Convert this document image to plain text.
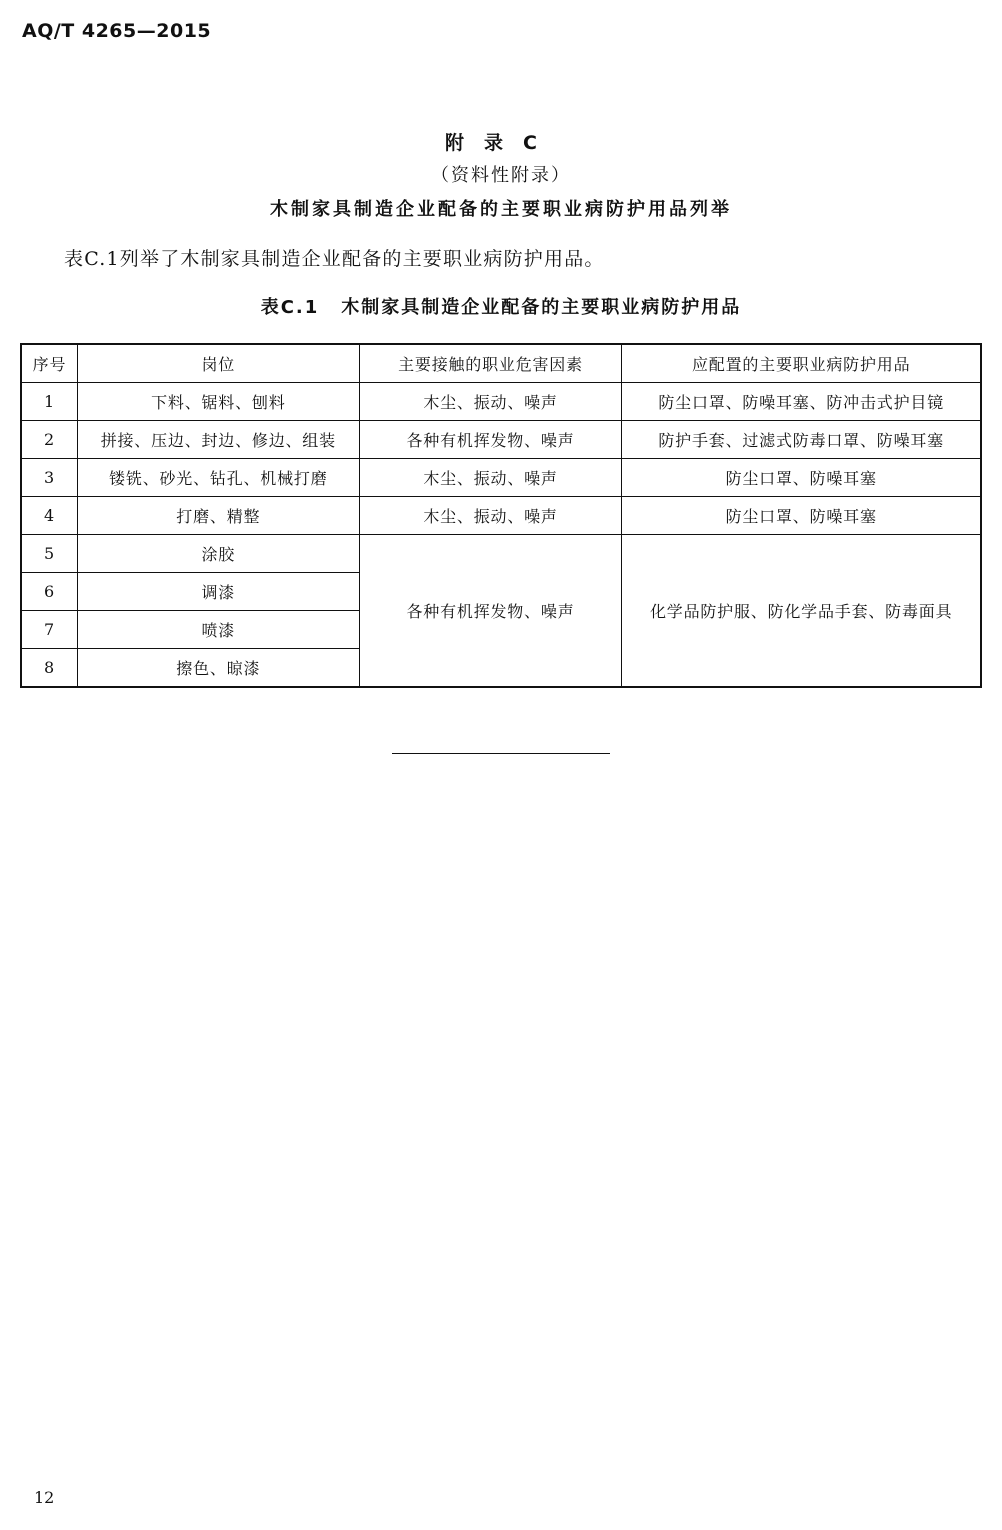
AQ/T 4265—2015
附录C
（资料性附录）
木制家具制造企业配备的主要职业病防护用品列举
表C.1列举了木制家具制造企业配备的主要职业病防护用品。
表C.1 木制家具制造企业配备的主要职业病防护用品
序号	岗位	主要接触的职业危害因素	应配置的主要职业病防护用品
1	下料、锯料、刨料	木尘、振动、噪声	防尘口罩、防噪耳塞、防冲击式护目镜
2	拼接、压边、封边、修边、组装	各种有机挥发物、噪声	防护手套、过滤式防毒口罩、防噪耳塞
3	镂铣、砂光、钻孔、机械打磨	木尘、振动、噪声	防尘口罩、防噪耳塞
4	打磨、精整	木尘、振动、噪声	防尘口罩、防噪耳塞
5	涂胶	各种有机挥发物、噪声	化学品防护服、防化学品手套、防毒面具
6	调漆		
7	喷漆		
8	擦色、晾漆		
12
